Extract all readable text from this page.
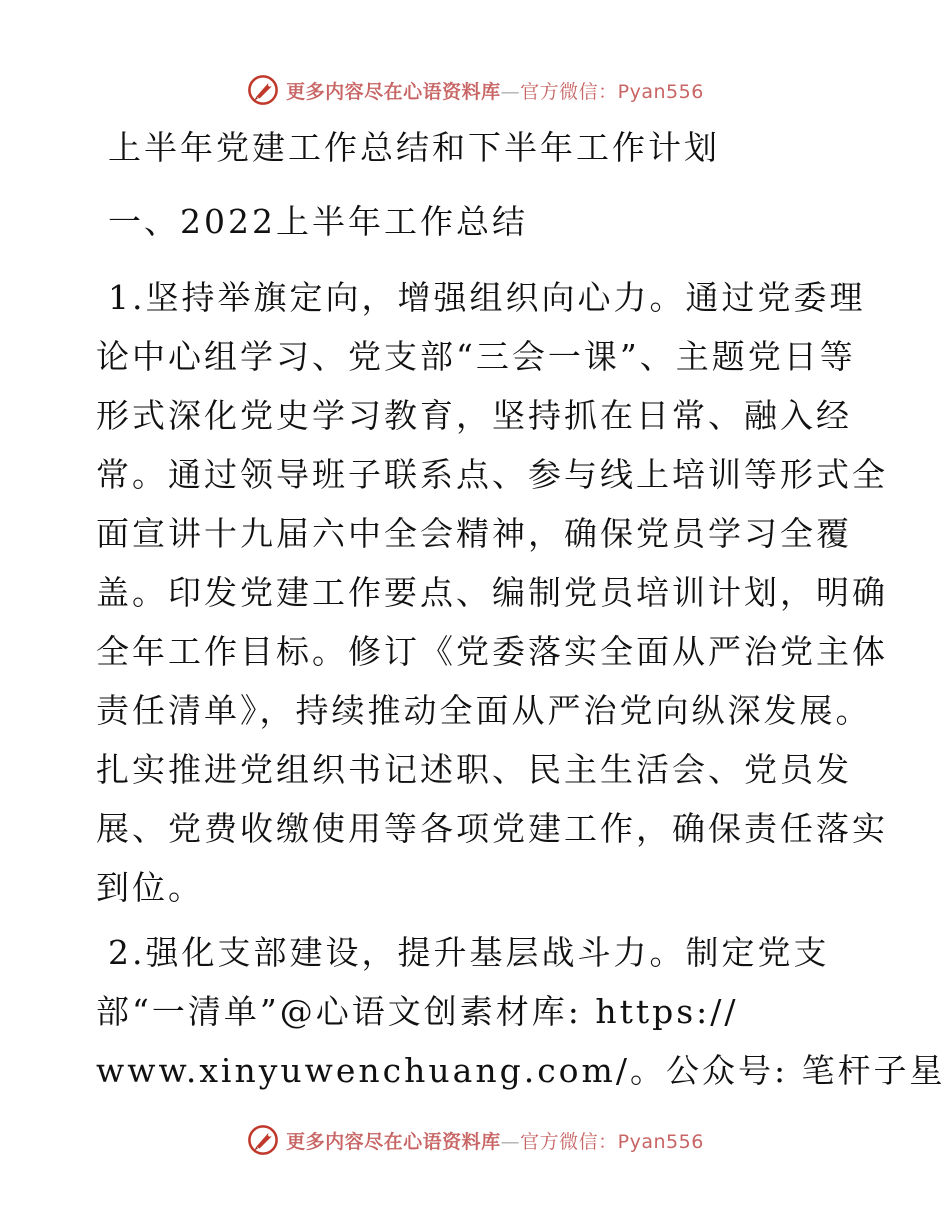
更多内容尽在心语资料库—官方微信：Pyan556
上半年党建工作总结和下半年工作计划
一、2022上半年工作总结
1.坚持举旗定向，增强组织向心力。通过党委理
论中心组学习、党支部“三会一课”、主题党日等
形式深化党史学习教育，坚持抓在日常、融入经
常。通过领导班子联系点、参与线上培训等形式全
面宣讲十九届六中全会精神，确保党员学习全覆
盖。印发党建工作要点、编制党员培训计划，明确
全年工作目标。修订《党委落实全面从严治党主体
责任清单》，持续推动全面从严治党向纵深发展。
扎实推进党组织书记述职、民主生活会、党员发
展、党费收缴使用等各项党建工作，确保责任落实
到位。
2.强化支部建设，提升基层战斗力。制定党支
部“一清单”@心语文创素材库: https://
www.xinyuwenchuang.com/。公众号: 笔杆子星
更多内容尽在心语资料库—官方微信：Pyan556
